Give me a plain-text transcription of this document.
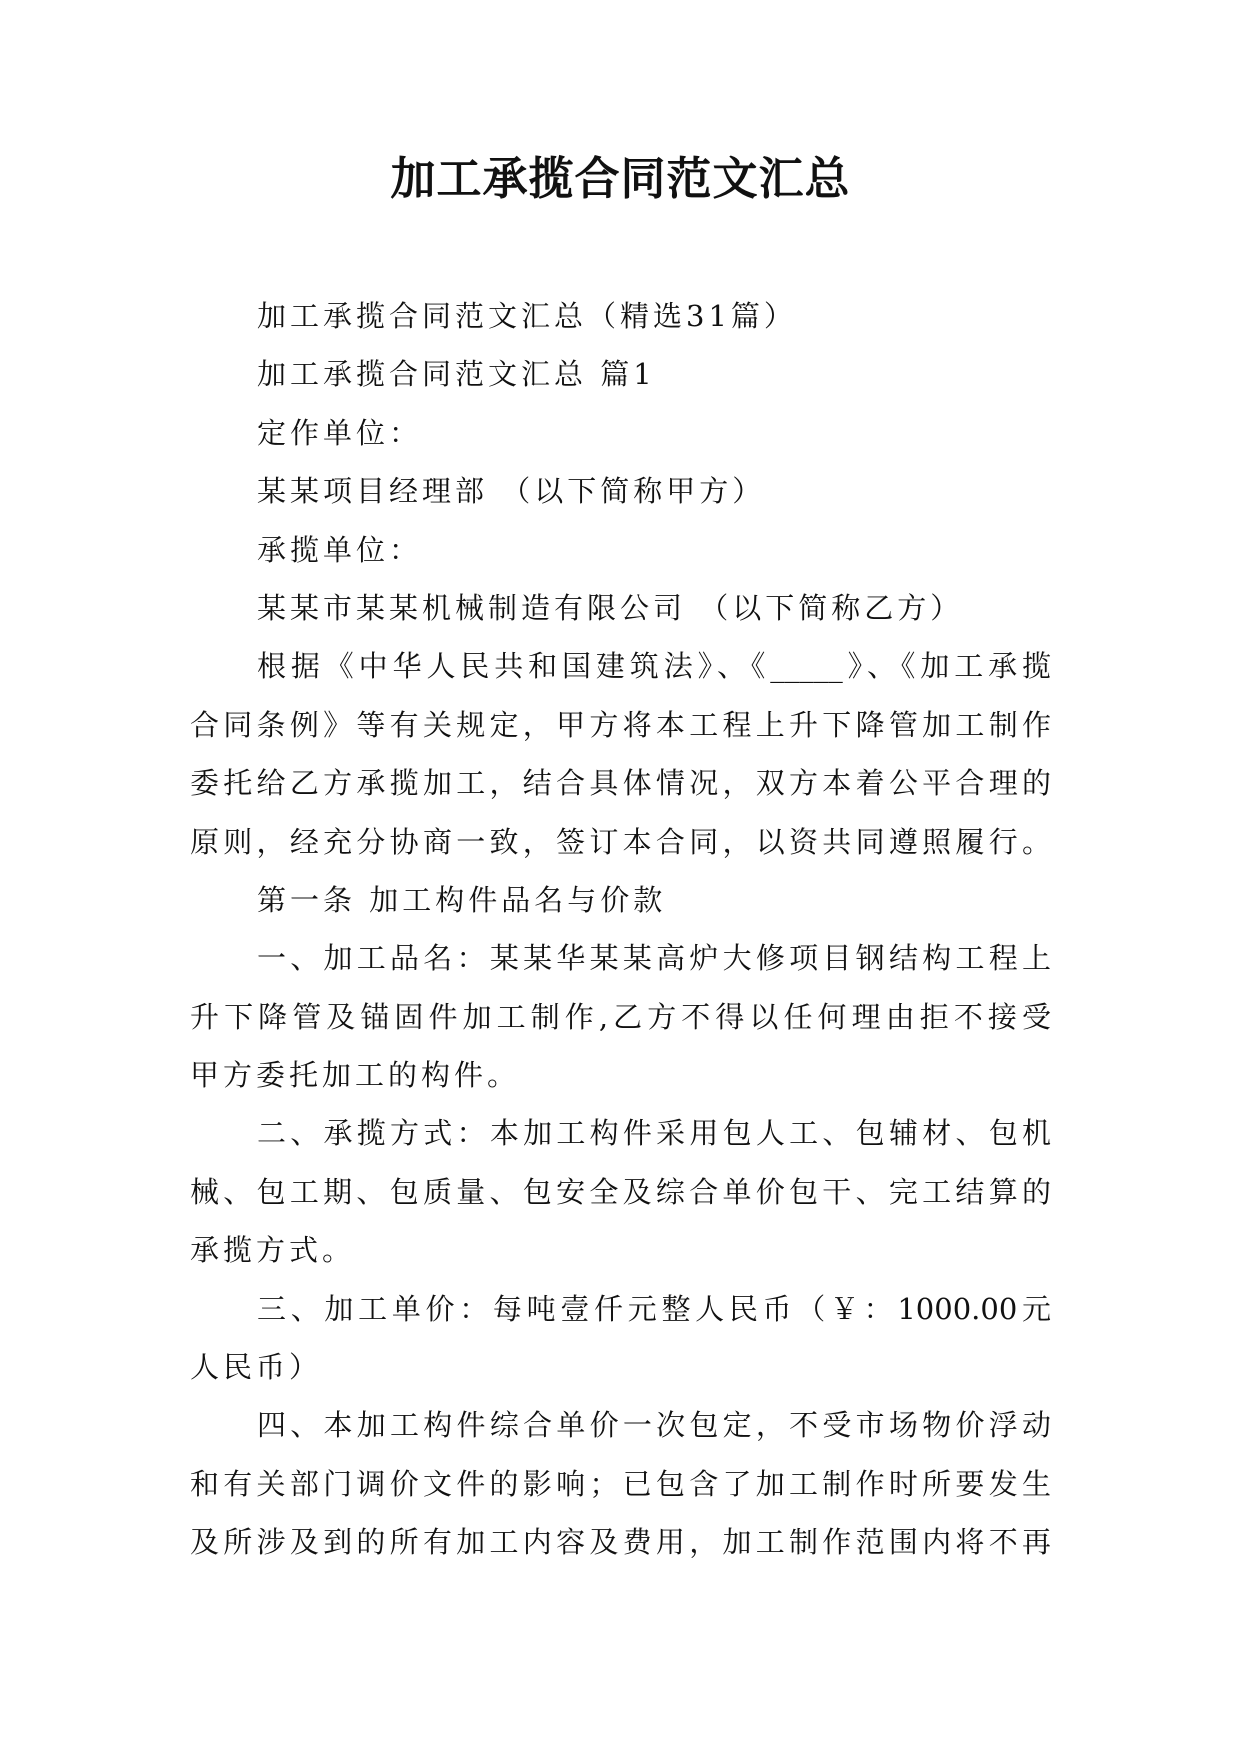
加工承揽合同范文汇总
加工承揽合同范文汇总（精选31篇）
加工承揽合同范文汇总 篇1
定作单位：
某某项目经理部 （以下简称甲方）
承揽单位：
某某市某某机械制造有限公司 （以下简称乙方）
根据《中华人民共和国建筑法》、《_____》、《加工承揽
合同条例》等有关规定，甲方将本工程上升下降管加工制作
委托给乙方承揽加工，结合具体情况，双方本着公平合理的
原则，经充分协商一致，签订本合同，以资共同遵照履行。
第一条 加工构件品名与价款
一、加工品名：某某华某某高炉大修项目钢结构工程上
升下降管及锚固件加工制作,乙方不得以任何理由拒不接受
甲方委托加工的构件。
二、承揽方式：本加工构件采用包人工、包辅材、包机
械、包工期、包质量、包安全及综合单价包干、完工结算的
承揽方式。
三、加工单价：每吨壹仟元整人民币（￥：1000.00元
人民币）
四、本加工构件综合单价一次包定，不受市场物价浮动
和有关部门调价文件的影响；已包含了加工制作时所要发生
及所涉及到的所有加工内容及费用，加工制作范围内将不再
